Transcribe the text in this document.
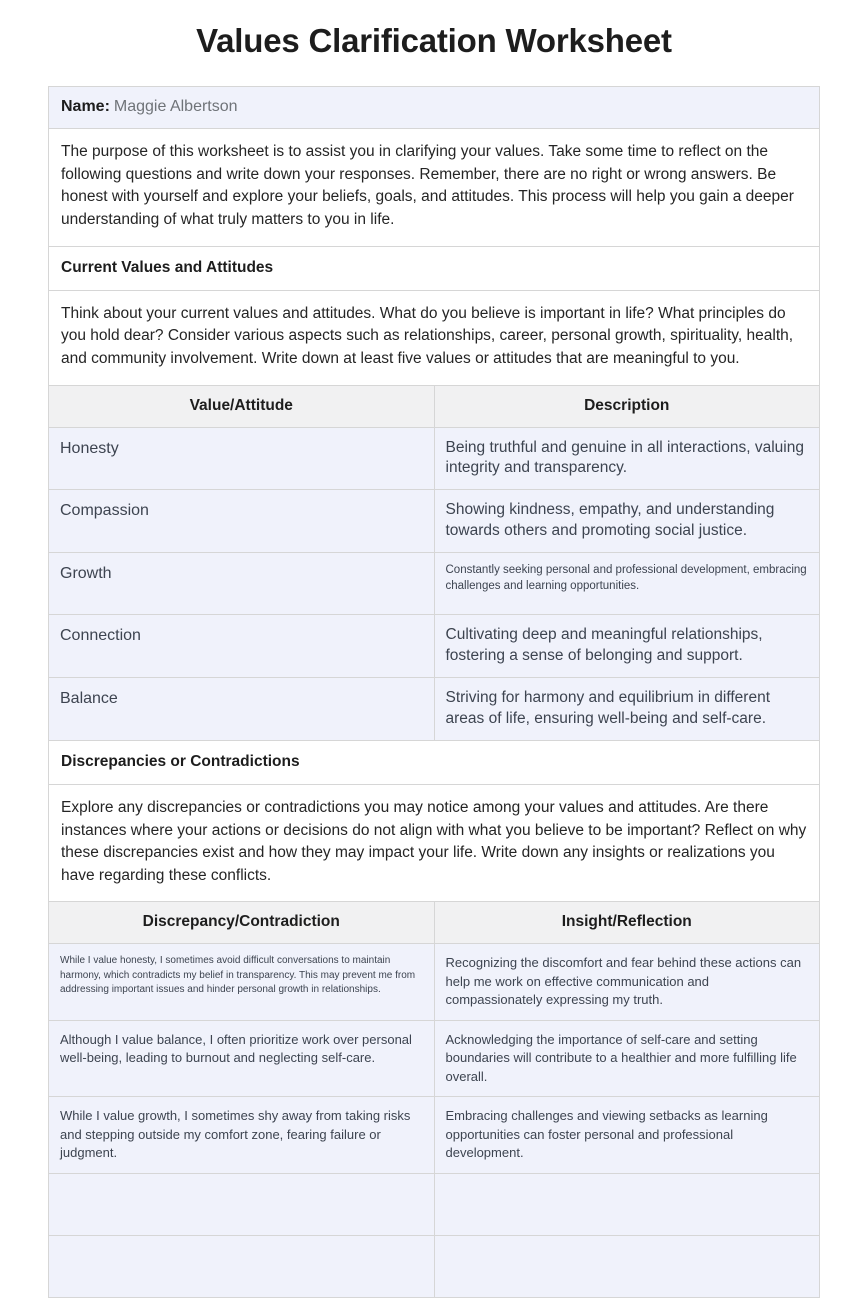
Values Clarification Worksheet
Name: Maggie Albertson
The purpose of this worksheet is to assist you in clarifying your values. Take some time to reflect on the following questions and write down your responses. Remember, there are no right or wrong answers. Be honest with yourself and explore your beliefs, goals, and attitudes. This process will help you gain a deeper understanding of what truly matters to you in life.
Current Values and Attitudes
Think about your current values and attitudes. What do you believe is important in life? What principles do you hold dear? Consider various aspects such as relationships, career, personal growth, spirituality, health, and community involvement. Write down at least five values or attitudes that are meaningful to you.
Value/Attitude	Description

Honesty	Being truthful and genuine in all interactions, valuing integrity and transparency.

Compassion	Showing kindness, empathy, and understanding towards others and promoting social justice.

Growth	Constantly seeking personal and professional development, embracing challenges and learning opportunities.

Connection	Cultivating deep and meaningful relationships, fostering a sense of belonging and support.

Balance	Striving for harmony and equilibrium in different areas of life, ensuring well-being and self-care.
Discrepancies or Contradictions
Explore any discrepancies or contradictions you may notice among your values and attitudes. Are there instances where your actions or decisions do not align with what you believe to be important? Reflect on why these discrepancies exist and how they may impact your life. Write down any insights or realizations you have regarding these conflicts.
Discrepancy/Contradiction	Insight/Reflection

While I value honesty, I sometimes avoid difficult conversations to maintain harmony, which contradicts my belief in transparency. This may prevent me from addressing important issues and hinder personal growth in relationships.	Recognizing the discomfort and fear behind these actions can help me work on effective communication and compassionately expressing my truth.

Although I value balance, I often prioritize work over personal well-being, leading to burnout and neglecting self-care.	Acknowledging the importance of self-care and setting boundaries will contribute to a healthier and more fulfilling life overall.

While I value growth, I sometimes shy away from taking risks and stepping outside my comfort zone, fearing failure or judgment.	Embracing challenges and viewing setbacks as learning opportunities can foster personal and professional development.
